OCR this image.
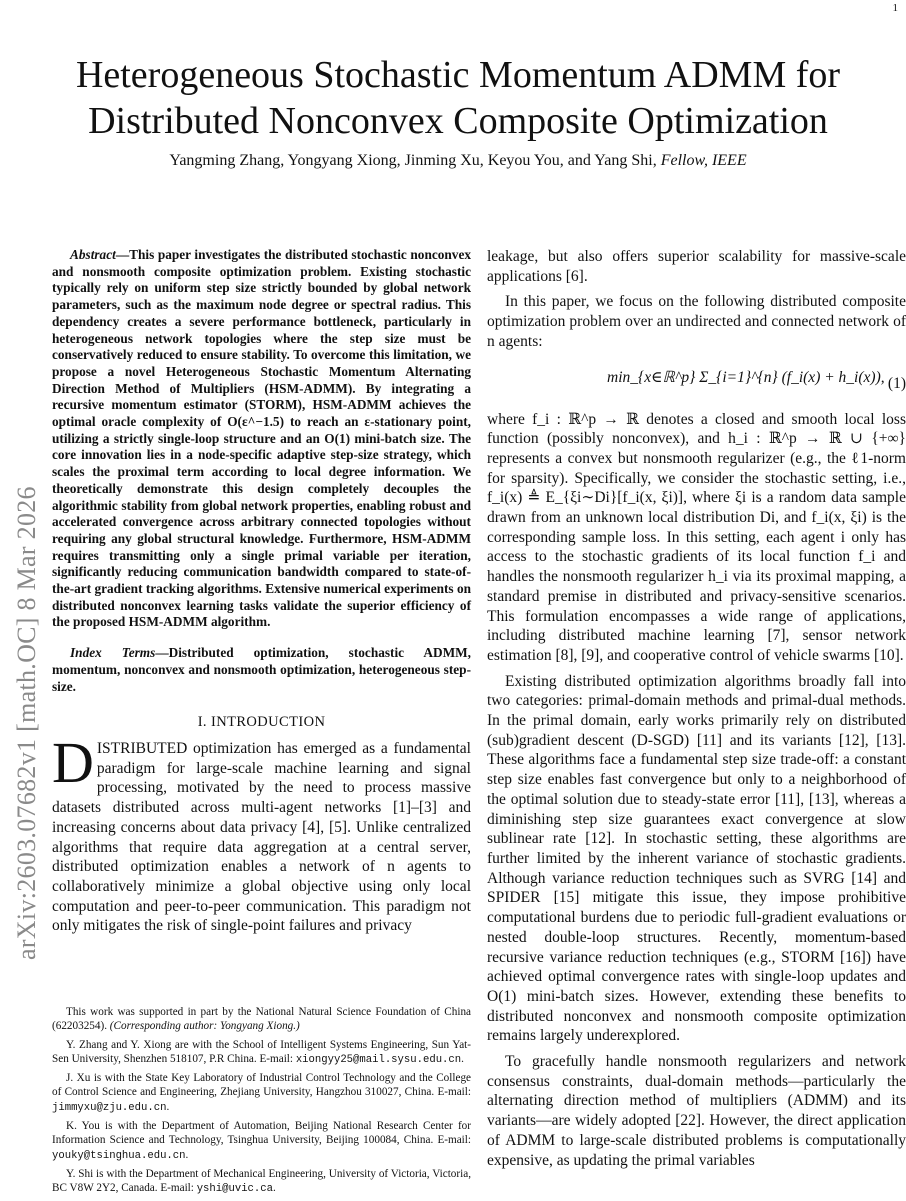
1
arXiv:2603.07682v1 [math.OC] 8 Mar 2026
Heterogeneous Stochastic Momentum ADMM for
Distributed Nonconvex Composite Optimization
Yangming Zhang, Yongyang Xiong, Jinming Xu, Keyou You, and Yang Shi, Fellow, IEEE

Abstract—This paper investigates the distributed stochastic nonconvex and nonsmooth composite optimization problem. Existing stochastic typically rely on uniform step size strictly bounded by global network parameters, such as the maximum node degree or spectral radius. This dependency creates a severe performance bottleneck, particularly in heterogeneous network topologies where the step size must be conservatively reduced to ensure stability. To overcome this limitation, we propose a novel Heterogeneous Stochastic Momentum Alternating Direction Method of Multipliers (HSM-ADMM). By integrating a recursive momentum estimator (STORM), HSM-ADMM achieves the optimal oracle complexity of O(ε^−1.5) to reach an ε-stationary point, utilizing a strictly single-loop structure and an O(1) mini-batch size. The core innovation lies in a node-specific adaptive step-size strategy, which scales the proximal term according to local degree information. We theoretically demonstrate this design completely decouples the algorithmic stability from global network properties, enabling robust and accelerated convergence across arbitrary connected topologies without requiring any global structural knowledge. Furthermore, HSM-ADMM requires transmitting only a single primal variable per iteration, significantly reducing communication bandwidth compared to state-of-the-art gradient tracking algorithms. Extensive numerical experiments on distributed nonconvex learning tasks validate the superior efficiency of the proposed HSM-ADMM algorithm.

Index Terms—Distributed optimization, stochastic ADMM, momentum, nonconvex and nonsmooth optimization, heterogeneous step-size.

I. INTRODUCTION

DISTRIBUTED optimization has emerged as a fundamental paradigm for large-scale machine learning and signal processing, motivated by the need to process massive datasets distributed across multi-agent networks [1]–[3] and increasing concerns about data privacy [4], [5]. Unlike centralized algorithms that require data aggregation at a central server, distributed optimization enables a network of n agents to collaboratively minimize a global objective using only local computation and peer-to-peer communication. This paradigm not only mitigates the risk of single-point failures and privacy

This work was supported in part by the National Natural Science Foundation of China (62203254). (Corresponding author: Yongyang Xiong.)

Y. Zhang and Y. Xiong are with the School of Intelligent Systems Engineering, Sun Yat-Sen University, Shenzhen 518107, P.R China. E-mail: xiongyy25@mail.sysu.edu.cn.

J. Xu is with the State Key Laboratory of Industrial Control Technology and the College of Control Science and Engineering, Zhejiang University, Hangzhou 310027, China. E-mail: jimmyxu@zju.edu.cn.

K. You is with the Department of Automation, Beijing National Research Center for Information Science and Technology, Tsinghua University, Beijing 100084, China. E-mail: youky@tsinghua.edu.cn.

Y. Shi is with the Department of Mechanical Engineering, University of Victoria, Victoria, BC V8W 2Y2, Canada. E-mail: yshi@uvic.ca.

leakage, but also offers superior scalability for massive-scale applications [6].

In this paper, we focus on the following distributed composite optimization problem over an undirected and connected network of n agents:

min_{x∈ℝ^p} Σ_{i=1}^{n} (f_i(x) + h_i(x)), (1)

where f_i : ℝ^p → ℝ denotes a closed and smooth local loss function (possibly nonconvex), and h_i : ℝ^p → ℝ ∪ {+∞} represents a convex but nonsmooth regularizer (e.g., the ℓ1-norm for sparsity). Specifically, we consider the stochastic setting, i.e., f_i(x) ≜ E_{ξi∼Di}[f_i(x, ξi)], where ξi is a random data sample drawn from an unknown local distribution Di, and f_i(x, ξi) is the corresponding sample loss. In this setting, each agent i only has access to the stochastic gradients of its local function f_i and handles the nonsmooth regularizer h_i via its proximal mapping, a standard premise in distributed and privacy-sensitive scenarios. This formulation encompasses a wide range of applications, including distributed machine learning [7], sensor network estimation [8], [9], and cooperative control of vehicle swarms [10].

Existing distributed optimization algorithms broadly fall into two categories: primal-domain methods and primal-dual methods. In the primal domain, early works primarily rely on distributed (sub)gradient descent (D-SGD) [11] and its variants [12], [13]. These algorithms face a fundamental step size trade-off: a constant step size enables fast convergence but only to a neighborhood of the optimal solution due to steady-state error [11], [13], whereas a diminishing step size guarantees exact convergence at slow sublinear rate [12]. In stochastic setting, these algorithms are further limited by the inherent variance of stochastic gradients. Although variance reduction techniques such as SVRG [14] and SPIDER [15] mitigate this issue, they impose prohibitive computational burdens due to periodic full-gradient evaluations or nested double-loop structures. Recently, momentum-based recursive variance reduction techniques (e.g., STORM [16]) have achieved optimal convergence rates with single-loop updates and O(1) mini-batch sizes. However, extending these benefits to distributed nonconvex and nonsmooth composite optimization remains largely underexplored.

To gracefully handle nonsmooth regularizers and network consensus constraints, dual-domain methods—particularly the alternating direction method of multipliers (ADMM) and its variants—are widely adopted [22]. However, the direct application of ADMM to large-scale distributed problems is computationally expensive, as updating the primal variables
